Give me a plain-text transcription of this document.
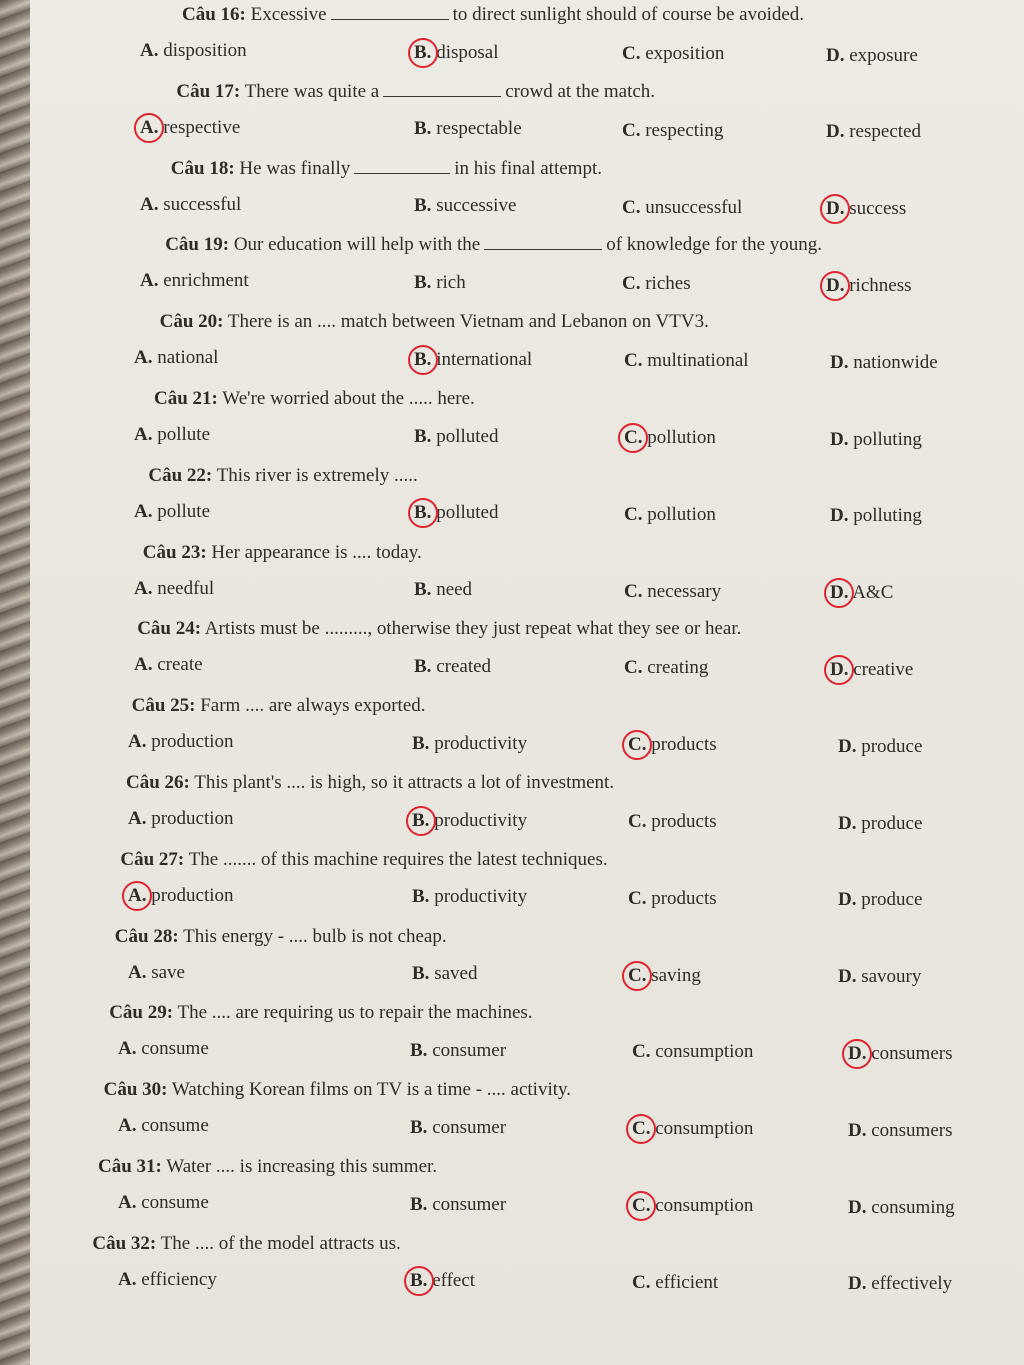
Câu 16: Excessive	to direct sunlight should of course be avoided.
A. disposition	B. disposal	C. exposition	D. exposure
Câu 17: There was quite a	crowd at the match.
A. respective	B. respectable	C. respecting	D. respected
Câu 18: He was finally	in his final attempt.
A. successful	B. successive	C. unsuccessful	D. success
Câu 19: Our education will help with the	of knowledge for the young.
A. enrichment	B. rich	C. riches	D. richness
Câu 20: There is an .... match between Vietnam and Lebanon on VTV3.
A. national	B. international	C. multinational	D. nationwide
Câu 21: We're worried about the ..... here.
A. pollute	B. polluted	C. pollution	D. polluting
Câu 22: This river is extremely .....
A. pollute	B. polluted	C. pollution	D. polluting
Câu 23: Her appearance is .... today.
A. needful	B. need	C. necessary	D. A&C
Câu 24: Artists must be ........., otherwise they just repeat what they see or hear.
A. create	B. created	C. creating	D. creative
Câu 25: Farm .... are always exported.
A. production	B. productivity	C. products	D. produce
Câu 26: This plant's .... is high, so it attracts a lot of investment.
A. production	B. productivity	C. products	D. produce
Câu 27: The ....... of this machine requires the latest techniques.
A. production	B. productivity	C. products	D. produce
Câu 28: This energy - .... bulb is not cheap.
A. save	B. saved	C. saving	D. savoury
Câu 29: The .... are requiring us to repair the machines.
A. consume	B. consumer	C. consumption	D. consumers
Câu 30: Watching Korean films on TV is a time - .... activity.
A. consume	B. consumer	C. consumption	D. consumers
Câu 31: Water .... is increasing this summer.
A. consume	B. consumer	C. consumption	D. consuming
Câu 32: The .... of the model attracts us.
A. efficiency	B. effect	C. efficient	D. effectively
